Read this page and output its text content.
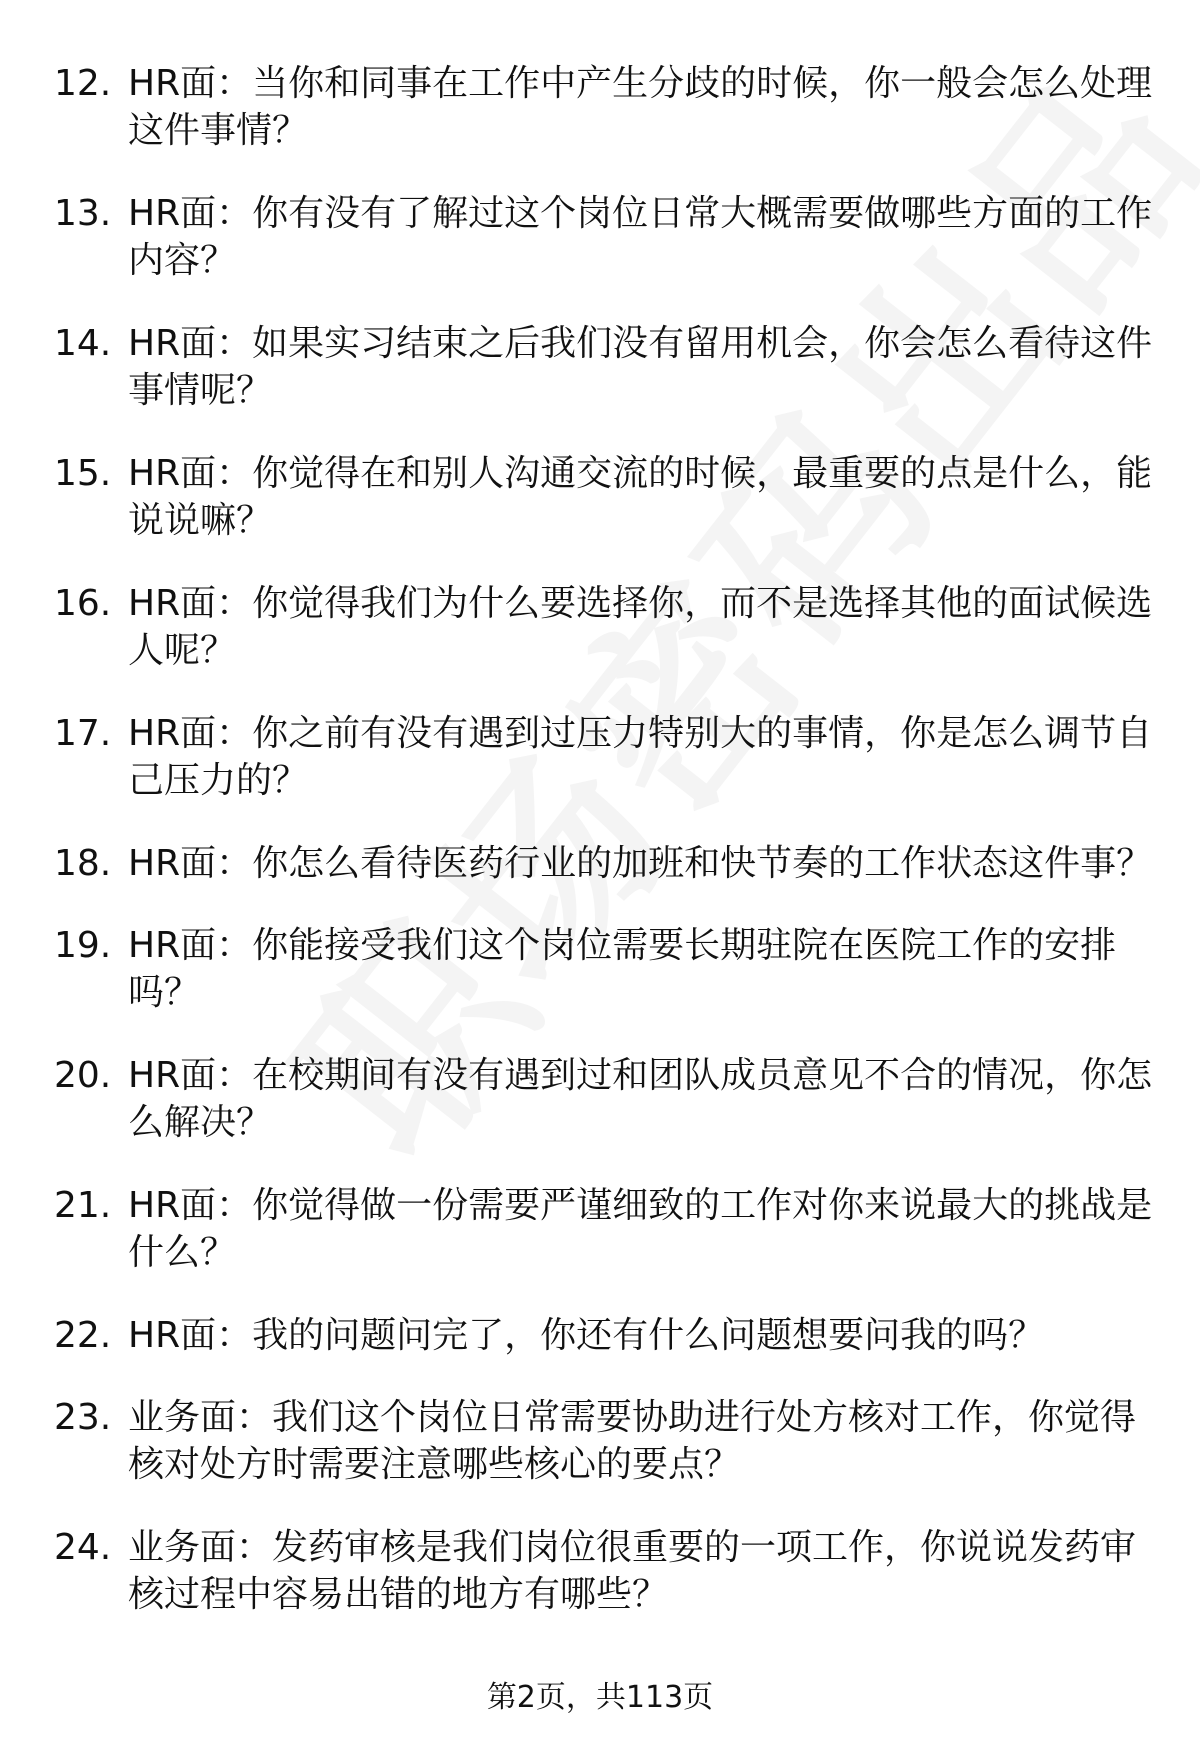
12. HR面：当你和同事在工作中产生分歧的时候，你一般会怎么处理这件事情？
13. HR面：你有没有了解过这个岗位日常大概需要做哪些方面的工作内容？
14. HR面：如果实习结束之后我们没有留用机会，你会怎么看待这件事情呢？
15. HR面：你觉得在和别人沟通交流的时候，最重要的点是什么，能说说嘛？
16. HR面：你觉得我们为什么要选择你，而不是选择其他的面试候选人呢？
17. HR面：你之前有没有遇到过压力特别大的事情，你是怎么调节自己压力的？
18. HR面：你怎么看待医药行业的加班和快节奏的工作状态这件事？
19. HR面：你能接受我们这个岗位需要长期驻院在医院工作的安排吗？
20. HR面：在校期间有没有遇到过和团队成员意见不合的情况，你怎么解决？
21. HR面：你觉得做一份需要严谨细致的工作对你来说最大的挑战是什么？
22. HR面：我的问题问完了，你还有什么问题想要问我的吗？
23. 业务面：我们这个岗位日常需要协助进行处方核对工作，你觉得核对处方时需要注意哪些核心的要点？
24. 业务面：发药审核是我们岗位很重要的一项工作，你说说发药审核过程中容易出错的地方有哪些？
第2页，共113页
